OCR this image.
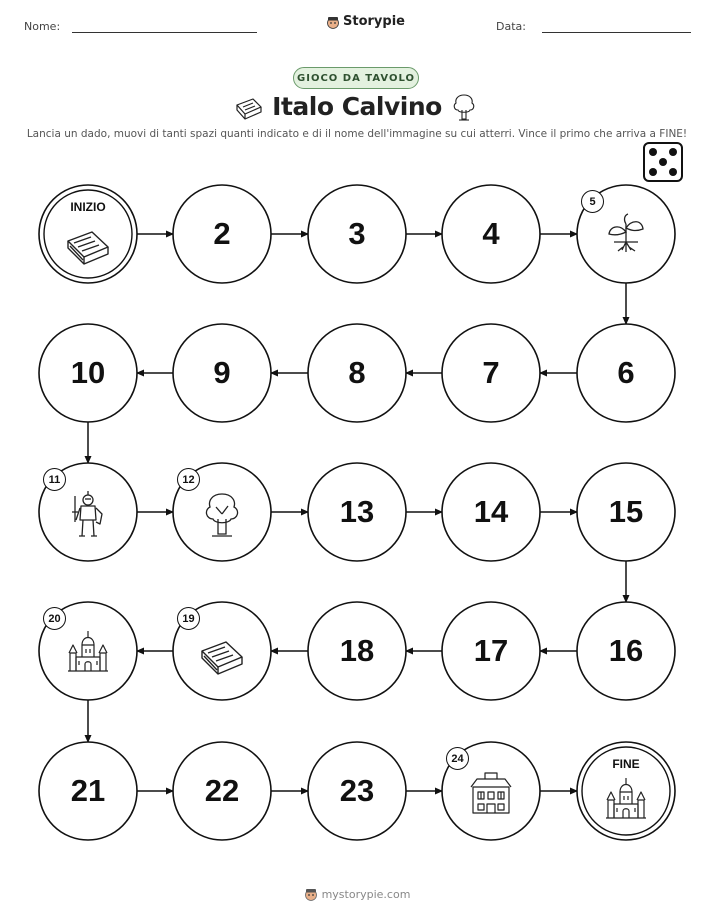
Nome:	Storypie	Data:
GIOCO DA TAVOLO
Italo Calvino
Lancia un dado, muovi di tanti spazi quanti indicato e di il nome dell'immagine su cui atterri. Vince il primo che arriva a FINE!
INIZIO
2	3	4
5
6
7
8
9
10
11	12
13	14	15
16
17
18
19
20
21	22	23
24	FINE
mystorypie.com
